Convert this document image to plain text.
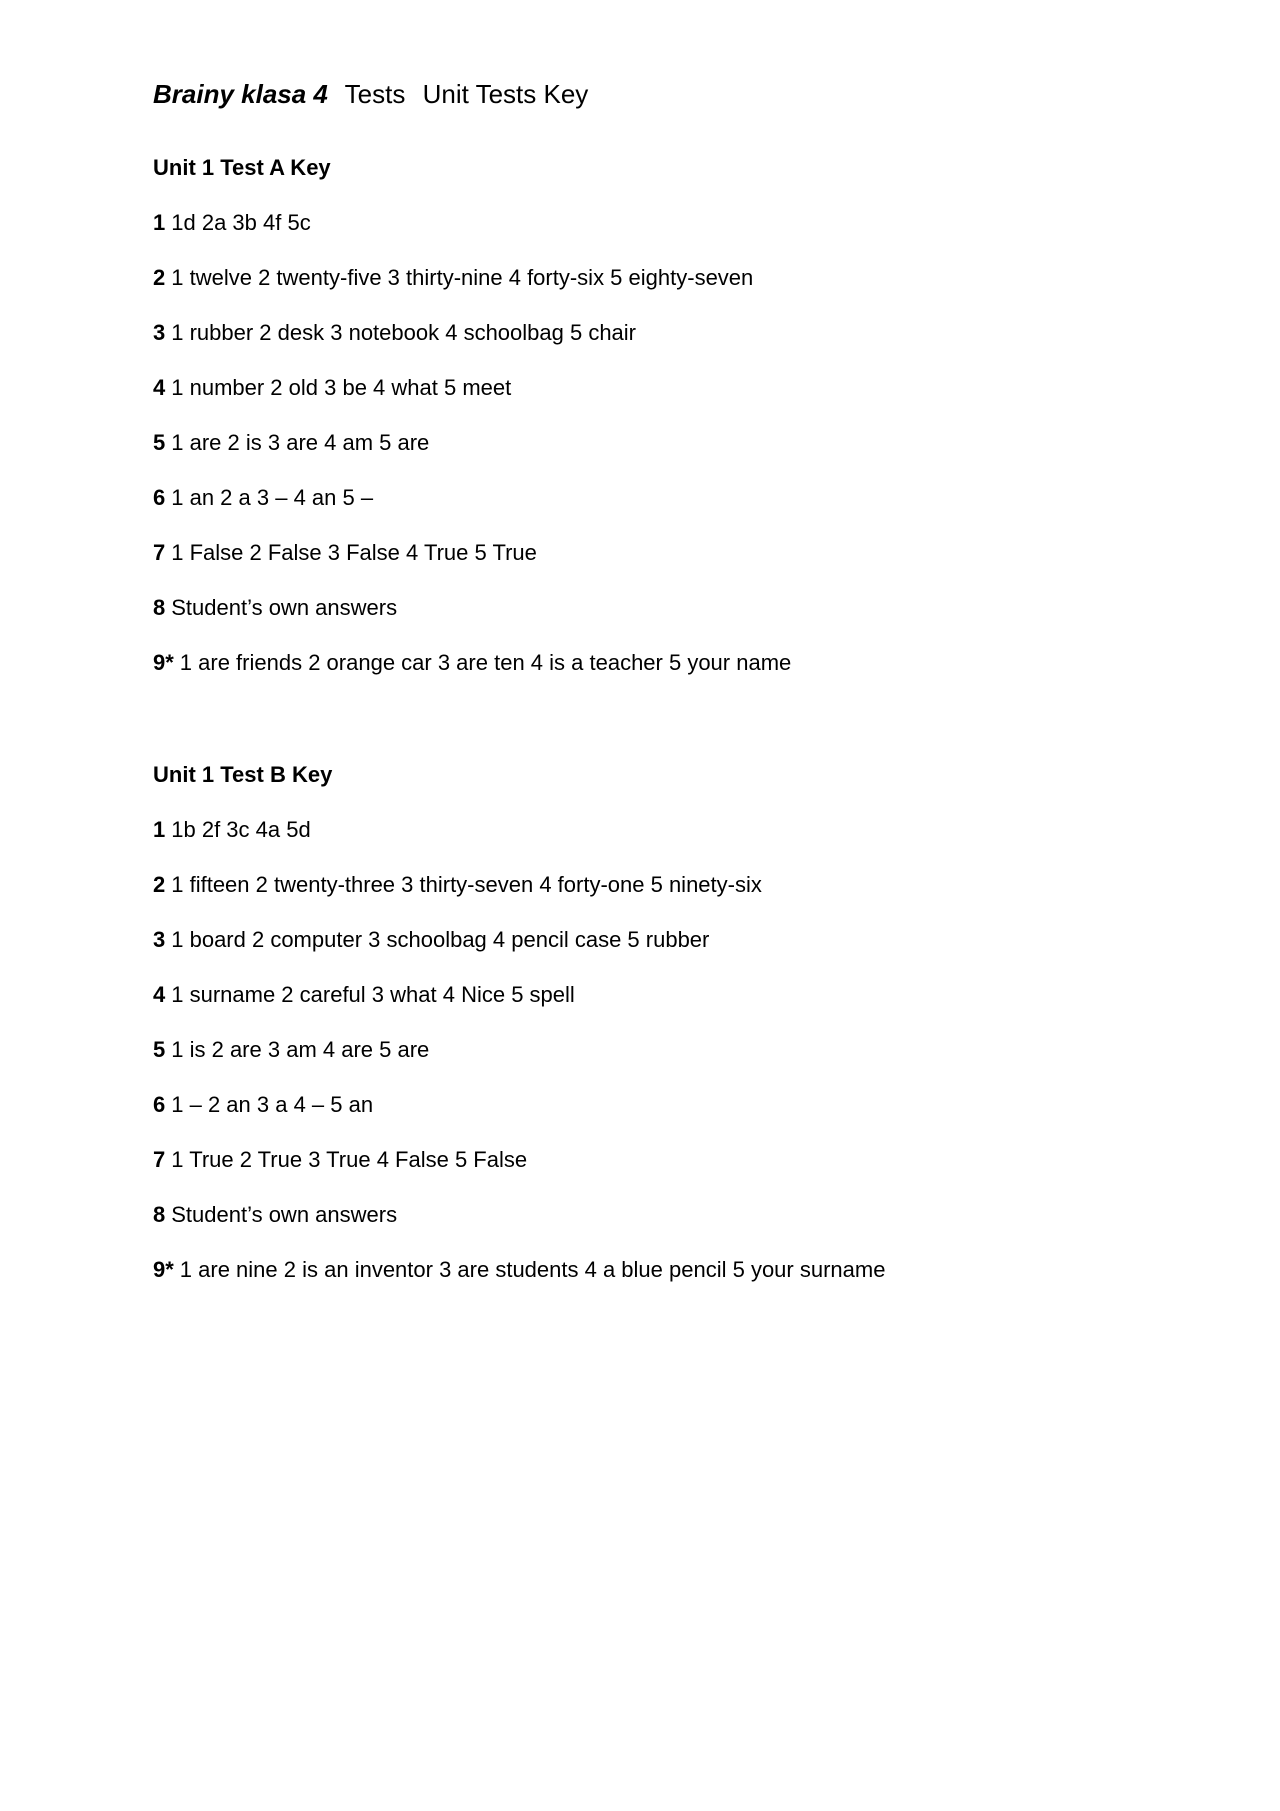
Brainy klasa 4 Tests Unit Tests Key
Unit 1 Test A Key
1 1d 2a 3b 4f 5c
2 1 twelve 2 twenty-five 3 thirty-nine 4 forty-six 5 eighty-seven
3 1 rubber 2 desk 3 notebook 4 schoolbag 5 chair
4 1 number 2 old 3 be 4 what 5 meet
5 1 are 2 is 3 are 4 am 5 are
6 1 an 2 a 3 – 4 an 5 –
7 1 False 2 False 3 False 4 True 5 True
8 Student’s own answers
9* 1 are friends 2 orange car 3 are ten 4 is a teacher 5 your name
Unit 1 Test B Key
1 1b 2f 3c 4a 5d
2 1 fifteen 2 twenty-three 3 thirty-seven 4 forty-one 5 ninety-six
3 1 board 2 computer 3 schoolbag 4 pencil case 5 rubber
4 1 surname 2 careful 3 what 4 Nice 5 spell
5 1 is 2 are 3 am 4 are 5 are
6 1 – 2 an 3 a 4 – 5 an
7 1 True 2 True 3 True 4 False 5 False
8 Student’s own answers
9* 1 are nine 2 is an inventor 3 are students 4 a blue pencil 5 your surname
